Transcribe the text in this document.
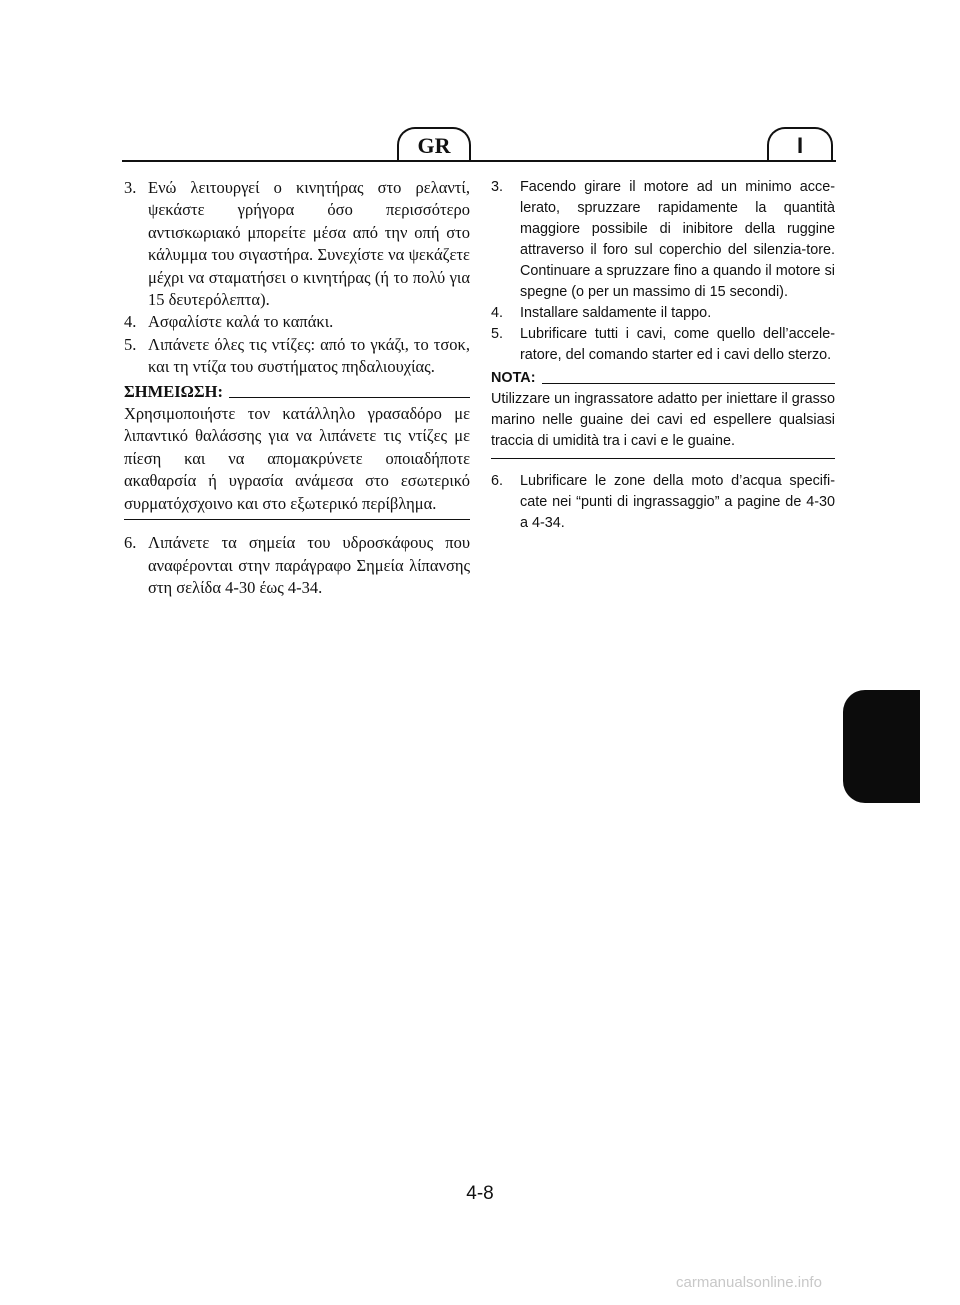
GR	I

3. Ενώ λειτουργεί ο κινητήρας στο ρελαντί, ψεκάστε γρήγορα όσο περισσότερο αντισκωριακό μπορείτε μέσα από την οπή στο κάλυμμα του σιγαστήρα. Συνεχίστε να ψεκάζετε μέχρι να σταματήσει ο κινητήρας (ή το πολύ για 15 δευτερόλεπτα).

4. Ασφαλίστε καλά το καπάκι.

5. Λιπάνετε όλες τις ντίζες: από το γκάζι, το τσοκ, και τη ντίζα του συστήματος πηδαλιουχίας.

ΣΗΜΕΙΩΣΗ:

Χρησιμοποιήστε τον κατάλληλο γρασαδόρο με λιπαντικό θαλάσσης για να λιπάνετε τις ντίζες με πίεση και να απομακρύνετε οποιαδήποτε ακαθαρσία ή υγρασία ανάμεσα στο εσωτερικό συρματόχσχοινο και στο εξωτερικό περίβλημα.

6. Λιπάνετε τα σημεία του υδροσκάφους που αναφέρονται στην παράγραφο Σημεία λίπανσης στη σελίδα 4-30 έως 4-34.

3. Facendo girare il motore ad un minimo acce-lerato, spruzzare rapidamente la quantità maggiore possibile di inibitore della ruggine attraverso il foro sul coperchio del silenzia-tore. Continuare a spruzzare fino a quando il motore si spegne (o per un massimo di 15 secondi).

4. Installare saldamente il tappo.

5. Lubrificare tutti i cavi, come quello dell’accele-ratore, del comando starter ed i cavi dello sterzo.

NOTA:

Utilizzare un ingrassatore adatto per iniettare il grasso marino nelle guaine dei cavi ed espellere qualsiasi traccia di umidità tra i cavi e le guaine.

6. Lubrificare le zone della moto d’acqua specifi-cate nei “punti di ingrassaggio” a pagine de 4-30 a 4-34.

4-8
carmanualsonline.info
